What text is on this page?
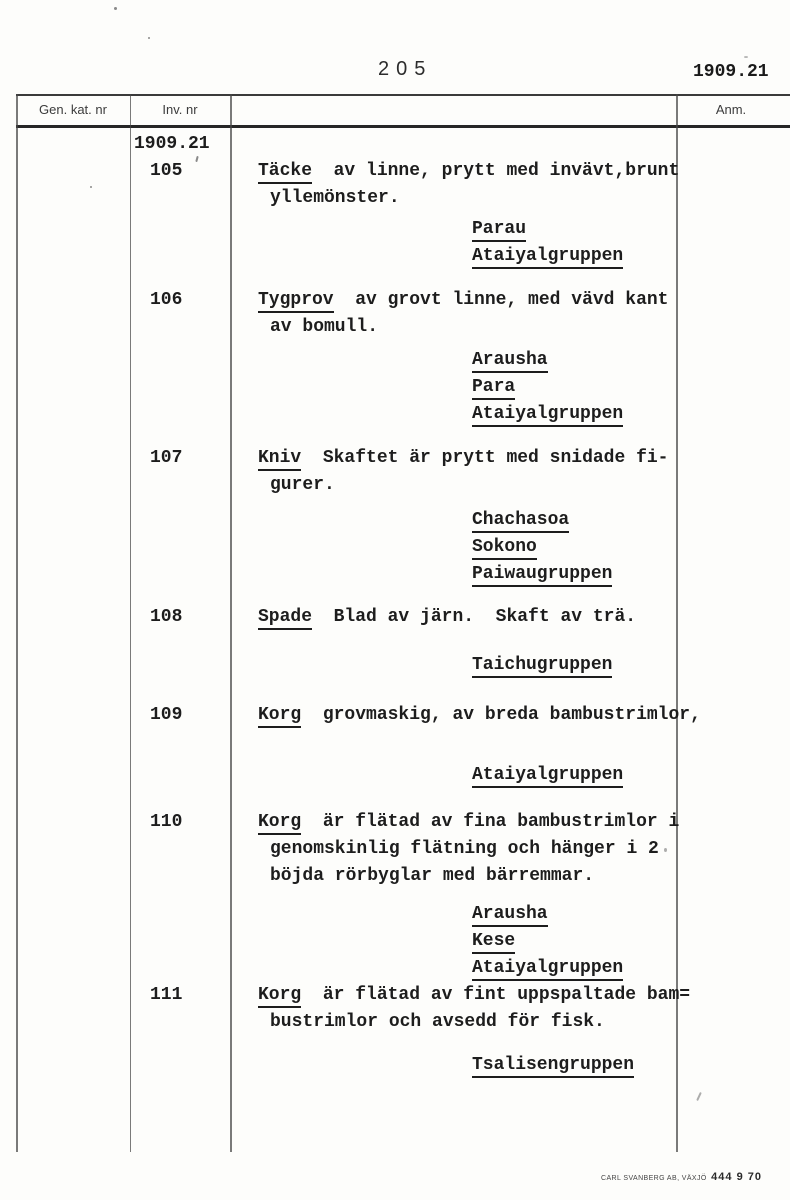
205	1909.21
Gen. kat. nr	Inv. nr	Anm.
1909.21
105	Täcke  av linne, prytt med invävt,brunt
yllemönster.
Parau
Ataiyalgruppen
106	Tygprov  av grovt linne, med vävd kant
av bomull.
Arausha
Para
Ataiyalgruppen
107	Kniv  Skaftet är prytt med snidade fi-
gurer.
Chachasoa
Sokono
Paiwaugruppen
108	Spade  Blad av järn.  Skaft av trä.
Taichugruppen
109	Korg  grovmaskig, av breda bambustrimlor,
Ataiyalgruppen
110	Korg  är flätad av fina bambustrimlor i
genomskinlig flätning och hänger i 2
böjda rörbyglar med bärremmar.
Arausha
Kese
Ataiyalgruppen
111	Korg  är flätad av fint uppspaltade bam=
bustrimlor och avsedd för fisk.
Tsalisengruppen
CARL SVANBERG AB, VÄXJÖ 444 9 70
